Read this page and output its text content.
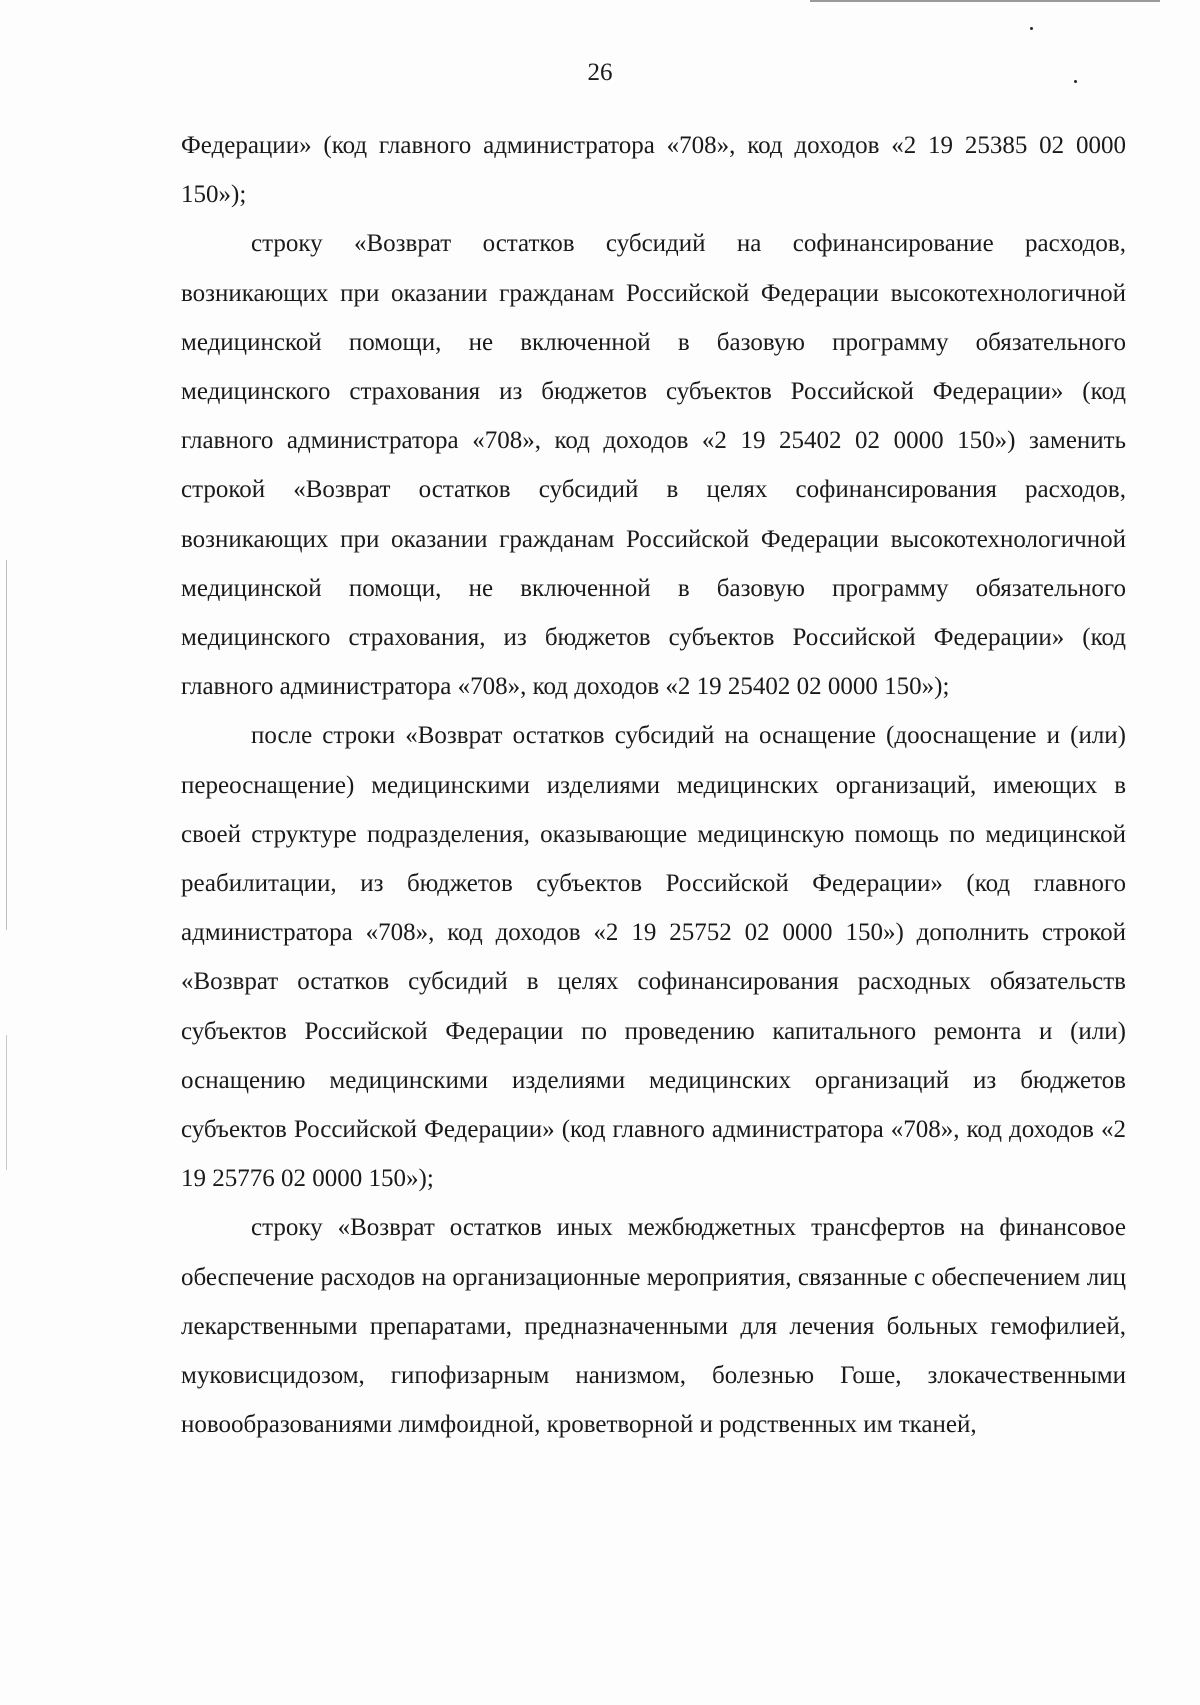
26

Федерации» (код главного администратора «708», код доходов «2 19 25385 02 0000 150»);

строку «Возврат остатков субсидий на софинансирование расходов, возникающих при оказании гражданам Российской Федерации высокотехнологичной медицинской помощи, не включенной в базовую программу обязательного медицинского страхования из бюджетов субъектов Российской Федерации» (код главного администратора «708», код доходов «2 19 25402 02 0000 150») заменить строкой «Возврат остатков субсидий в целях софинансирования расходов, возникающих при оказании гражданам Российской Федерации высокотехнологичной медицинской помощи, не включенной в базовую программу обязательного медицинского страхования, из бюджетов субъектов Российской Федерации» (код главного администратора «708», код доходов «2 19 25402 02 0000 150»);

после строки «Возврат остатков субсидий на оснащение (дооснащение и (или) переоснащение) медицинскими изделиями медицинских организаций, имеющих в своей структуре подразделения, оказывающие медицинскую помощь по медицинской реабилитации, из бюджетов субъектов Российской Федерации» (код главного администратора «708», код доходов «2 19 25752 02 0000 150») дополнить строкой «Возврат остатков субсидий в целях софинансирования расходных обязательств субъектов Российской Федерации по проведению капитального ремонта и (или) оснащению медицинскими изделиями медицинских организаций из бюджетов субъектов Российской Федерации» (код главного администратора «708», код доходов «2 19 25776 02 0000 150»);

строку «Возврат остатков иных межбюджетных трансфертов на финансовое обеспечение расходов на организационные мероприятия, связанные с обеспечением лиц лекарственными препаратами, предназначенными для лечения больных гемофилией, муковисцидозом, гипофизарным нанизмом, болезнью Гоше, злокачественными новообразованиями лимфоидной, кроветворной и родственных им тканей,
